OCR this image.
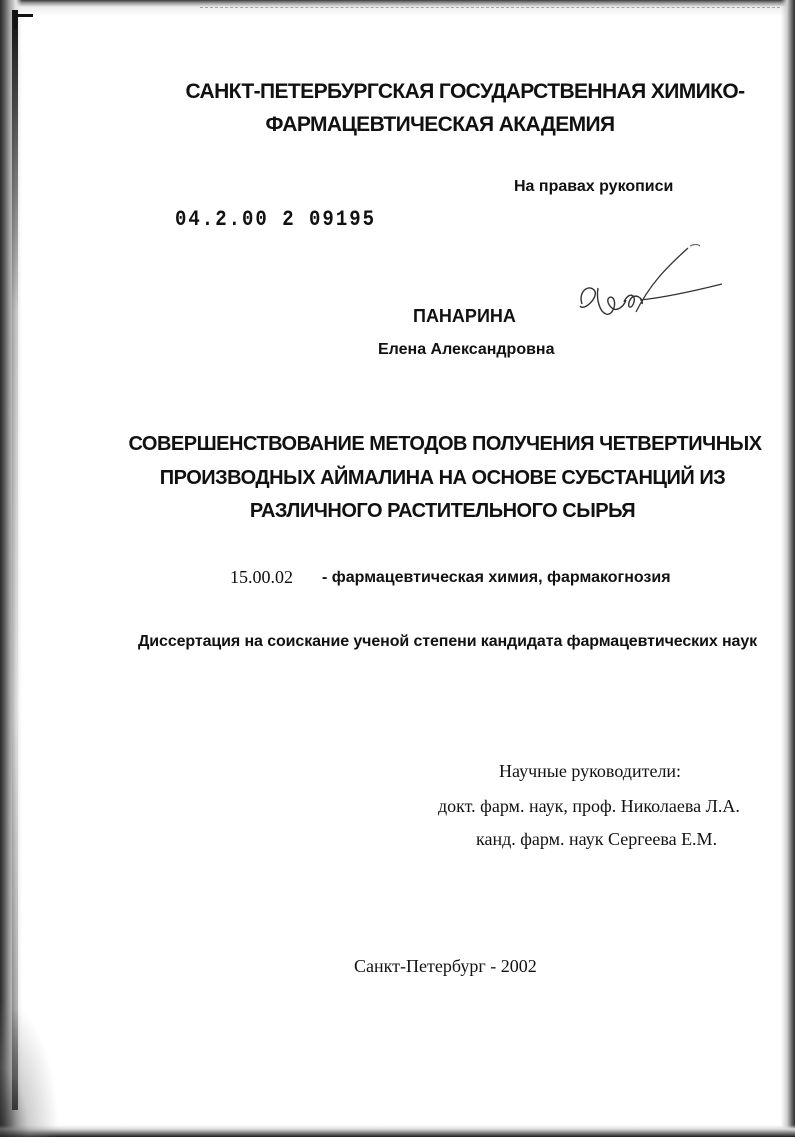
САНКТ-ПЕТЕРБУРГСКАЯ ГОСУДАРСТВЕННАЯ ХИМИКО-

ФАРМАЦЕВТИЧЕСКАЯ АКАДЕМИЯ

На правах рукописи

04.2.00 2 09195

ПАНАРИНА

Елена Александровна

СОВЕРШЕНСТВОВАНИЕ МЕТОДОВ ПОЛУЧЕНИЯ ЧЕТВЕРТИЧНЫХ

ПРОИЗВОДНЫХ АЙМАЛИНА НА ОСНОВЕ СУБСТАНЦИЙ ИЗ

РАЗЛИЧНОГО РАСТИТЕЛЬНОГО СЫРЬЯ

15.00.02 - фармацевтическая химия, фармакогнозия

Диссертация на соискание ученой степени кандидата фармацевтических наук

Научные руководители:

докт. фарм. наук, проф. Николаева Л.А.

канд. фарм. наук Сергеева Е.М.

Санкт-Петербург - 2002
